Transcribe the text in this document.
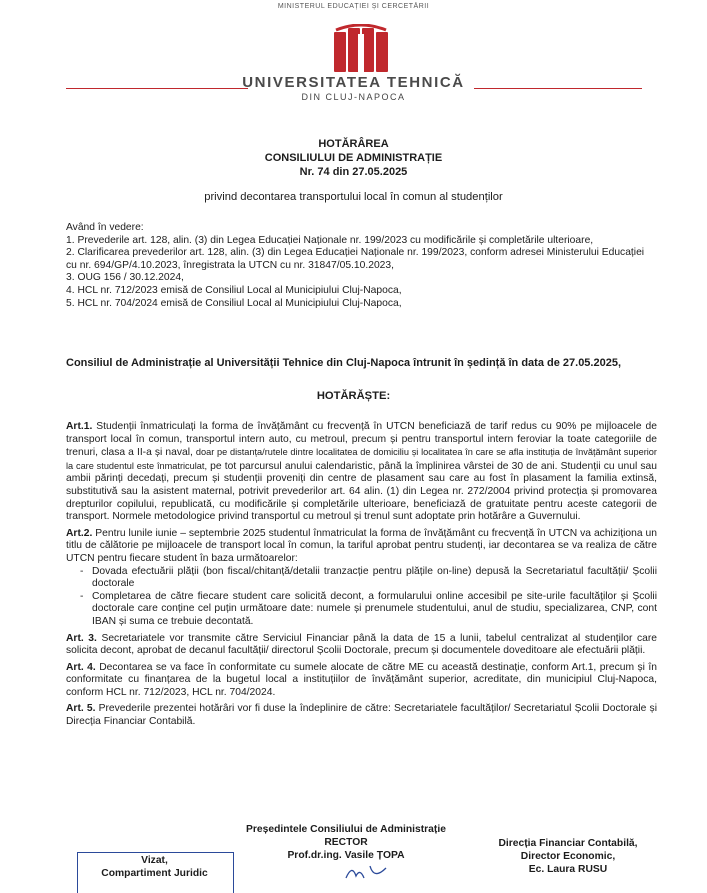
MINISTERUL EDUCAȚIEI ȘI CERCETĂRII
UNIVERSITATEA TEHNICĂ
DIN CLUJ-NAPOCA
HOTĂRÂREA
CONSILIULUI DE ADMINISTRAȚIE
Nr. 74 din 27.05.2025
privind decontarea transportului local în comun al studenților

Având în vedere:

1. Prevederile art. 128, alin. (3) din Legea Educației Naționale nr. 199/2023 cu modificările și completările ulterioare,

2. Clarificarea prevederilor art. 128, alin. (3) din Legea Educației Naționale nr. 199/2023, conform adresei Ministerului Educației cu nr. 694/GP/4.10.2023, înregistrata la UTCN cu nr. 31847/05.10.2023,

3. OUG 156 / 30.12.2024,

4. HCL nr. 712/2023 emisă de Consiliul Local al Municipiului Cluj-Napoca,

5. HCL nr. 704/2024 emisă de Consiliul Local al Municipiului Cluj-Napoca,

Consiliul de Administrație al Universității Tehnice din Cluj-Napoca întrunit în ședință în data de 27.05.2025,
HOTĂRĂȘTE:

Art.1. Studenții înmatriculați la forma de învățământ cu frecvență în UTCN beneficiază de tarif redus cu 90% pe mijloacele de transport local în comun, transportul intern auto, cu metroul, precum și pentru transportul intern feroviar la toate categoriile de trenuri, clasa a II-a și naval, doar pe distanța/rutele dintre localitatea de domiciliu și localitatea în care se afla instituția de învățământ superior la care studentul este înmatriculat, pe tot parcursul anului calendaristic, până la împlinirea vârstei de 30 de ani. Studenții cu unul sau ambii părinți decedați, precum și studenții proveniți din centre de plasament sau care au fost în plasament la familia extinsă, substitutivă sau la asistent maternal, potrivit prevederilor art. 64 alin. (1) din Legea nr. 272/2004 privind protecția și promovarea drepturilor copilului, republicată, cu modificările și completările ulterioare, beneficiază de gratuitate pentru aceste categorii de transport. Normele metodologice privind transportul cu metroul și trenul sunt adoptate prin hotărâre a Guvernului.

Art.2. Pentru lunile iunie – septembrie 2025 studentul înmatriculat la forma de învățământ cu frecvență în UTCN va achiziționa un titlu de călătorie pe mijloacele de transport local în comun, la tariful aprobat pentru studenți, iar decontarea se va realiza de către UTCN pentru fiecare student în baza următoarelor:

- Dovada efectuării plății (bon fiscal/chitanță/detalii tranzacție pentru plățile on-line) depusă la Secretariatul facultății/ Școlii doctorale
- Completarea de către fiecare student care solicită decont, a formularului online accesibil pe site-urile facultăților și Școlii doctorale care conține cel puțin următoare date: numele și prenumele studentului, anul de studiu, specializarea, CNP, cont IBAN și suma ce trebuie decontată.

Art. 3. Secretariatele vor transmite către Serviciul Financiar până la data de 15 a lunii, tabelul centralizat al studenților care solicita decont, aprobat de decanul facultății/ directorul Școlii Doctorale, precum și documentele doveditoare ale efectuării plății.

Art. 4. Decontarea se va face în conformitate cu sumele alocate de către ME cu această destinație, conform Art.1, precum și în conformitate cu finanțarea de la bugetul local a instituțiilor de învățământ superior, acreditate, din municipiul Cluj-Napoca, conform HCL nr. 712/2023, HCL nr. 704/2024.

Art. 5. Prevederile prezentei hotărâri vor fi duse la îndeplinire de către: Secretariatele facultăților/ Secretariatul Școlii Doctorale și Direcția Financiar Contabilă.

Președintele Consiliului de Administrație
RECTOR
Prof.dr.ing. Vasile ȚOPA
Direcția Financiar Contabilă,
Director Economic,
Ec. Laura RUSU
Vizat,
Compartiment Juridic
